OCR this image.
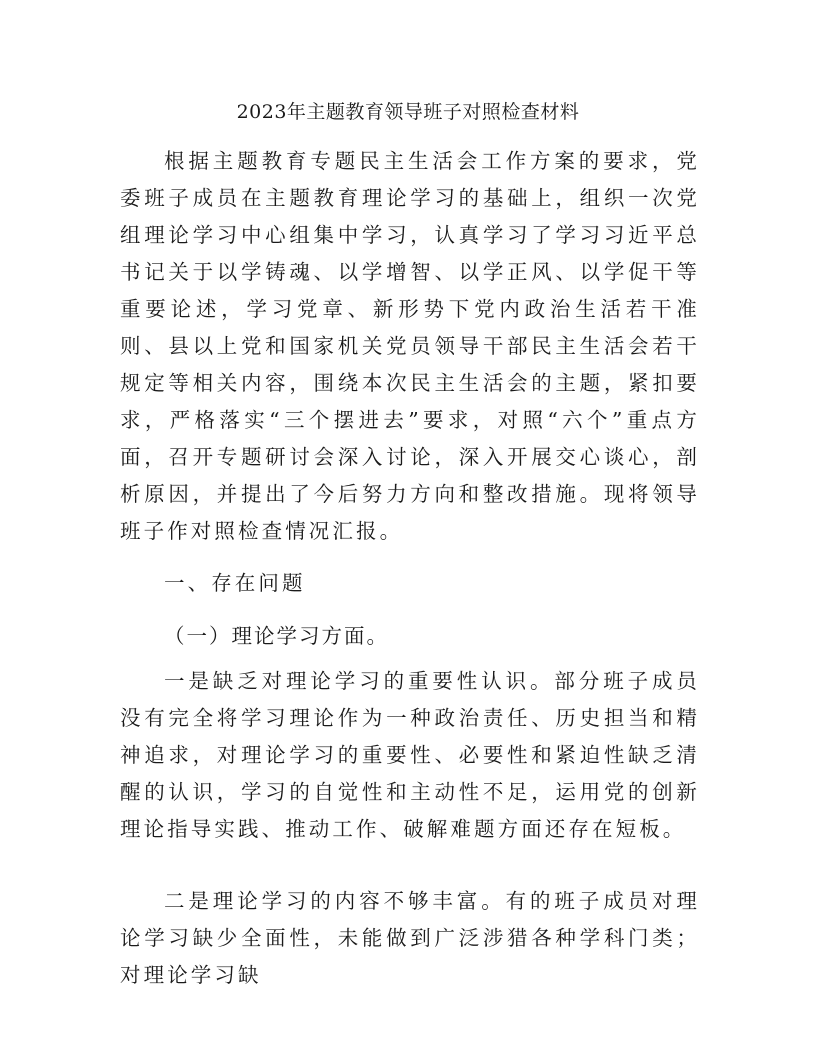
2023年主题教育领导班子对照检查材料

根据主题教育专题民主生活会工作方案的要求，党委班子成员在主题教育理论学习的基础上，组织一次党组理论学习中心组集中学习，认真学习了学习习近平总书记关于以学铸魂、以学增智、以学正风、以学促干等重要论述，学习党章、新形势下党内政治生活若干准则、县以上党和国家机关党员领导干部民主生活会若干规定等相关内容，围绕本次民主生活会的主题，紧扣要求，严格落实“三个摆进去”要求，对照“六个”重点方面，召开专题研讨会深入讨论，深入开展交心谈心，剖析原因，并提出了今后努力方向和整改措施。现将领导班子作对照检查情况汇报。

一、存在问题

（一）理论学习方面。

一是缺乏对理论学习的重要性认识。部分班子成员没有完全将学习理论作为一种政治责任、历史担当和精神追求，对理论学习的重要性、必要性和紧迫性缺乏清醒的认识，学习的自觉性和主动性不足，运用党的创新理论指导实践、推动工作、破解难题方面还存在短板。

二是理论学习的内容不够丰富。有的班子成员对理论学习缺少全面性，未能做到广泛涉猎各种学科门类；对理论学习缺
